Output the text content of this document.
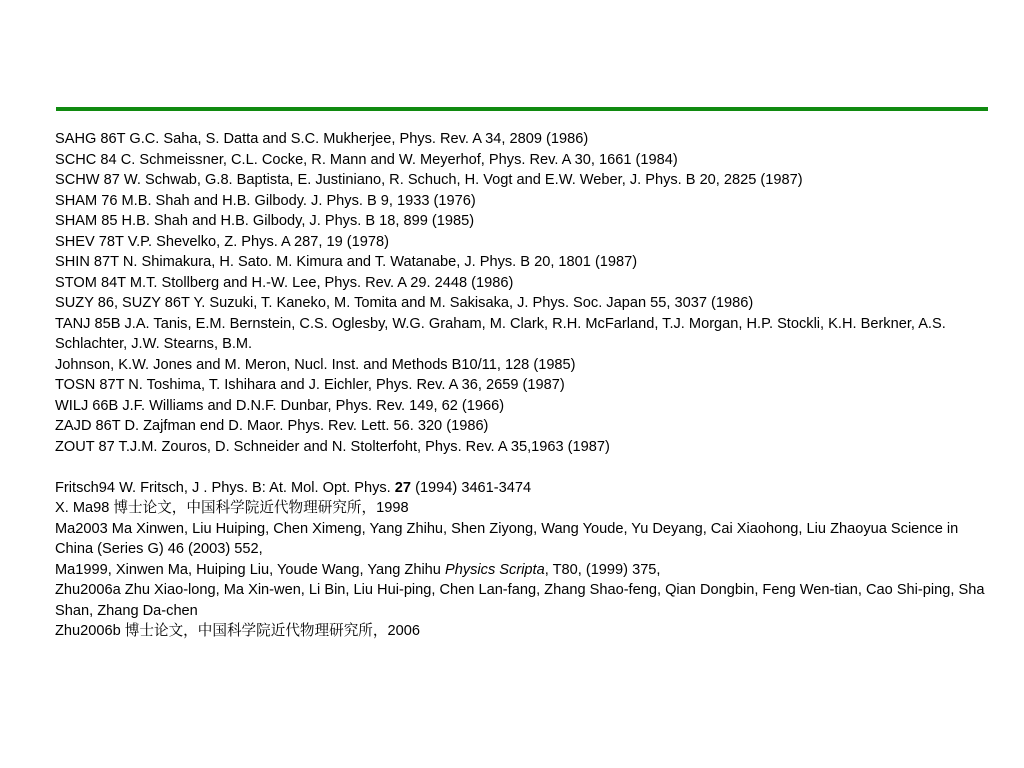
SAHG 86T G.C. Saha, S. Datta and S.C. Mukherjee, Phys. Rev. A 34, 2809 (1986)

SCHC 84 C. Schmeissner, C.L. Cocke, R. Mann and W. Meyerhof, Phys. Rev. A 30, 1661 (1984)

SCHW 87 W. Schwab, G.8. Baptista, E. Justiniano, R. Schuch, H. Vogt and E.W. Weber, J. Phys. B 20, 2825 (1987)

SHAM 76 M.B. Shah and H.B. Gilbody. J. Phys. B 9, 1933 (1976)

SHAM 85 H.B. Shah and H.B. Gilbody, J. Phys. B 18, 899 (1985)

SHEV 78T V.P. Shevelko, Z. Phys. A 287, 19 (1978)

SHIN 87T N. Shimakura, H. Sato. M. Kimura and T. Watanabe, J. Phys. B 20, 1801 (1987)

STOM 84T M.T. Stollberg and H.-W. Lee, Phys. Rev. A 29. 2448 (1986)

SUZY 86, SUZY 86T Y. Suzuki, T. Kaneko, M. Tomita and M. Sakisaka, J. Phys. Soc. Japan 55, 3037 (1986)

TANJ 85B J.A. Tanis, E.M. Bernstein, C.S. Oglesby, W.G. Graham, M. Clark, R.H. McFarland, T.J. Morgan, H.P. Stockli, K.H. Berkner, A.S. Schlachter, J.W. Stearns, B.M.

Johnson, K.W. Jones and M. Meron, Nucl. Inst. and Methods B10/11, 128 (1985)

TOSN 87T N. Toshima, T. Ishihara and J. Eichler, Phys. Rev. A 36, 2659 (1987)

WILJ 66B J.F. Williams and D.N.F. Dunbar, Phys. Rev. 149, 62 (1966)

ZAJD 86T D. Zajfman end D. Maor. Phys. Rev. Lett. 56. 320 (1986)

ZOUT 87 T.J.M. Zouros, D. Schneider and N. Stolterfoht, Phys. Rev. A 35,1963 (1987)

Fritsch94 W. Fritsch, J . Phys. B: At. Mol. Opt. Phys. 27 (1994) 3461-3474

X. Ma98 博士论文，中国科学院近代物理研究所，1998

Ma2003 Ma Xinwen, Liu Huiping, Chen Ximeng, Yang Zhihu, Shen Ziyong, Wang Youde, Yu Deyang, Cai Xiaohong, Liu Zhaoyua Science in China (Series G) 46 (2003) 552,

Ma1999, Xinwen Ma, Huiping Liu, Youde Wang, Yang Zhihu Physics Scripta, T80, (1999) 375,

Zhu2006a Zhu Xiao-long, Ma Xin-wen, Li Bin, Liu Hui-ping, Chen Lan-fang, Zhang Shao-feng, Qian Dongbin, Feng Wen-tian, Cao Shi-ping, Sha Shan, Zhang Da-chen

Zhu2006b 博士论文，中国科学院近代物理研究所，2006
